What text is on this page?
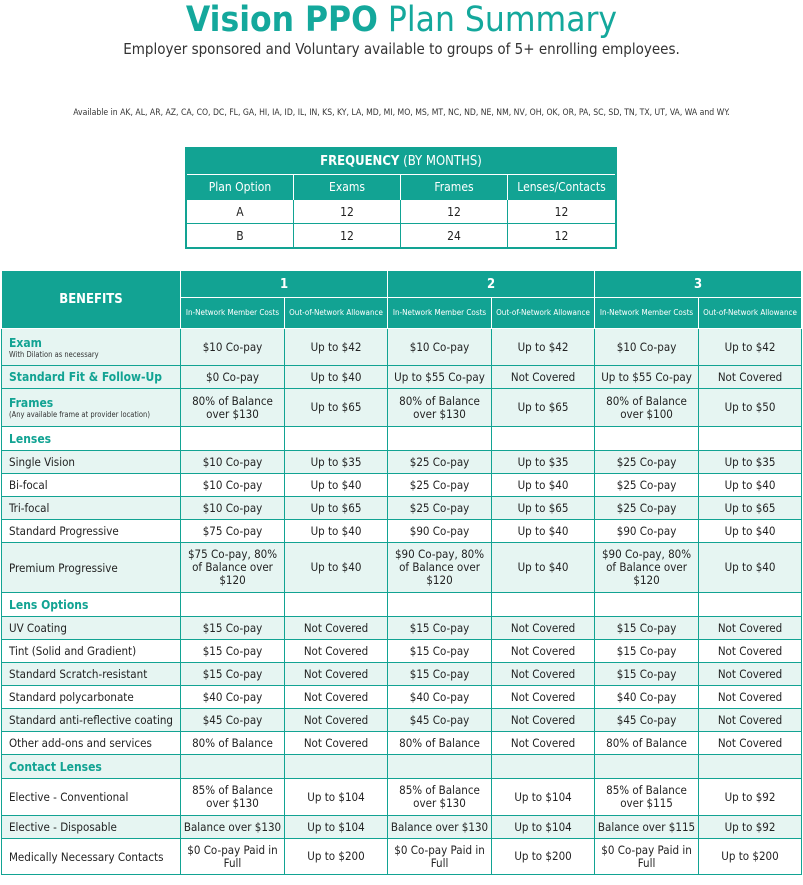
Vision PPO Plan Summary
Employer sponsored and Voluntary available to groups of 5+ enrolling employees.
Available in AK, AL, AR, AZ, CA, CO, DC, FL, GA, HI, IA, ID, IL, IN, KS, KY, LA, MD, MI, MO, MS, MT, NC, ND, NE, NM, NV, OH, OK, OR, PA, SC, SD, TN, TX, UT, VA, WA and WY.
FREQUENCY (BY MONTHS)			
Plan Option	Exams	Frames	Lenses/Contacts
A	12	12	12
B	12	24	12
BENEFITS	1		2		3	
	In-Network Member Costs	Out-of-Network Allowance	In-Network Member Costs	Out-of-Network Allowance	In-Network Member Costs	Out-of-Network Allowance
Exam
With Dilation as necessary	$10 Co-pay	Up to $42	$10 Co-pay	Up to $42	$10 Co-pay	Up to $42
Standard Fit & Follow-Up	$0 Co-pay	Up to $40	Up to $55 Co-pay	Not Covered	Up to $55 Co-pay	Not Covered
Frames
(Any available frame at provider location)	80% of Balance over $130	Up to $65	80% of Balance over $130	Up to $65	80% of Balance over $100	Up to $50
Lenses						
Single Vision	$10 Co-pay	Up to $35	$25 Co-pay	Up to $35	$25 Co-pay	Up to $35
Bi-focal	$10 Co-pay	Up to $40	$25 Co-pay	Up to $40	$25 Co-pay	Up to $40
Tri-focal	$10 Co-pay	Up to $65	$25 Co-pay	Up to $65	$25 Co-pay	Up to $65
Standard Progressive	$75 Co-pay	Up to $40	$90 Co-pay	Up to $40	$90 Co-pay	Up to $40
Premium Progressive	$75 Co-pay, 80% of Balance over $120	Up to $40	$90 Co-pay, 80% of Balance over $120	Up to $40	$90 Co-pay, 80% of Balance over $120	Up to $40
Lens Options						
UV Coating	$15 Co-pay	Not Covered	$15 Co-pay	Not Covered	$15 Co-pay	Not Covered
Tint (Solid and Gradient)	$15 Co-pay	Not Covered	$15 Co-pay	Not Covered	$15 Co-pay	Not Covered
Standard Scratch-resistant	$15 Co-pay	Not Covered	$15 Co-pay	Not Covered	$15 Co-pay	Not Covered
Standard polycarbonate	$40 Co-pay	Not Covered	$40 Co-pay	Not Covered	$40 Co-pay	Not Covered
Standard anti-reflective coating	$45 Co-pay	Not Covered	$45 Co-pay	Not Covered	$45 Co-pay	Not Covered
Other add-ons and services	80% of Balance	Not Covered	80% of Balance	Not Covered	80% of Balance	Not Covered
Contact Lenses						
Elective - Conventional	85% of Balance over $130	Up to $104	85% of Balance over $130	Up to $104	85% of Balance over $115	Up to $92
Elective - Disposable	Balance over $130	Up to $104	Balance over $130	Up to $104	Balance over $115	Up to $92
Medically Necessary Contacts	$0 Co-pay Paid in Full	Up to $200	$0 Co-pay Paid in Full	Up to $200	$0 Co-pay Paid in Full	Up to $200
